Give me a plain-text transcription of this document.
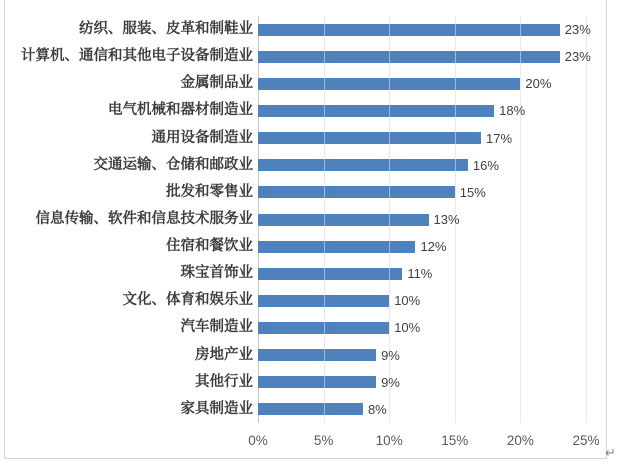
0%	5%	10%	15%	20%	25%
纺织、服装、皮革和制鞋业	23%
计算机、通信和其他电子设备制造业	23%
金属制品业	20%
电气机械和器材制造业	18%
通用设备制造业	17%
交通运输、仓储和邮政业	16%
批发和零售业	15%
信息传输、软件和信息技术服务业	13%
住宿和餐饮业	12%
珠宝首饰业	11%
文化、体育和娱乐业	10%
汽车制造业	10%
房地产业	9%
其他行业	9%
家具制造业	8%
↵
